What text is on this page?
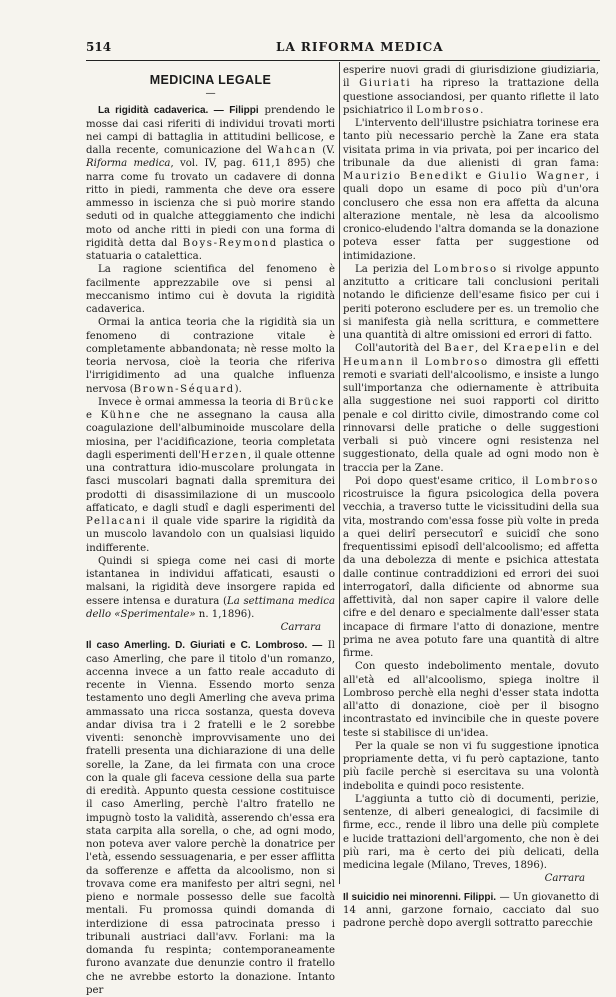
514	LA RIFORMA MEDICA
MEDICINA LEGALE
—

La rigidità cadaverica. — Filippi prendendo le mosse dai casi riferiti di individui trovati morti nei campi di battaglia in attitudini bellicose, e dalla recente, comunicazione del Wahcan (V. Riforma medica, vol. IV, pag. 611,1 895) che narra come fu trovato un cadavere di donna ritto in piedi, rammenta che deve ora essere ammesso in iscienza che si può morire stando seduti od in qualche atteggiamento che indichi moto od anche ritti in piedi con una forma di rigidità detta dal Boys-Reymond plastica o statuaria o catalettica.

La ragione scientifica del fenomeno è facilmente apprezzabile ove si pensi al meccanismo intimo cui è dovuta la rigidità cadaverica.

Ormai la antica teoria che la rigidità sia un fenomeno di contrazione vitale è completamente abbandonata; nè resse molto la teoria nervosa, cioè la teoria che riferiva l'irrigidimento ad una qualche influenza nervosa (Brown-Séquard).

Invece è ormai ammessa la teoria di Brücke e Kühne che ne assegnano la causa alla coagulazione dell'albuminoide muscolare della miosina, per l'acidificazione, teoria completata dagli esperimenti dell'Herzen, il quale ottenne una contrattura idio-muscolare prolungata in fasci muscolari bagnati dalla spremitura dei prodotti di disassimilazione di un muscoolo affaticato, e dagli studî e dagli esperimenti del Pellacani il quale vide sparire la rigidità da un muscolo lavandolo con un qualsiasi liquido indifferente.

Quindi si spiega come nei casi di morte istantanea in individui affaticati, esausti o malsani, la rigidità deve insorgere rapida ed essere intensa e duratura (La settimana medica dello «Sperimentale» n. 1,1896).

Carrara

Il caso Amerling. D. Giuriati e C. Lombroso. — Il caso Amerling, che pare il titolo d'un romanzo, accenna invece a un fatto reale accaduto di recente in Vienna. Essendo morto senza testamento uno degli Amerling che aveva prima ammassato una ricca sostanza, questa doveva andar divisa tra i 2 fratelli e le 2 sorebbe viventi: senonchè improvvisamente uno dei fratelli presenta una dichiarazione di una delle sorelle, la Zane, da lei firmata con una croce con la quale gli faceva cessione della sua parte di eredità. Appunto questa cessione costituisce il caso Amerling, perchè l'altro fratello ne impugnò tosto la validità, asserendo ch'essa era stata carpita alla sorella, o che, ad ogni modo, non poteva aver valore perchè la donatrice per l'età, essendo sessuagenaria, e per esser afflitta da sofferenze e affetta da alcoolismo, non si trovava come era manifesto per altri segni, nel pieno e normale possesso delle sue facoltà mentali. Fu promossa quindi domanda di interdizione di essa patrocinata presso i tribunali austriaci dall'avv. Forlani: ma la domanda fu respinta; contemporaneamente furono avanzate due denunzie contro il fratello che ne avrebbe estorto la donazione. Intanto per

esperire nuovi gradi di giurisdizione giudiziaria, il Giuriati ha ripreso la trattazione della questione associandosi, per quanto riflette il lato psichiatrico il Lombroso.

L'intervento dell'illustre psichiatra torinese era tanto più necessario perchè la Zane era stata visitata prima in via privata, poi per incarico del tribunale da due alienisti di gran fama: Maurizio Benedikt e Giulio Wagner, i quali dopo un esame di poco più d'un'ora conclusero che essa non era affetta da alcuna alterazione mentale, nè lesa da alcoolismo cronico-eludendo l'altra domanda se la donazione poteva esser fatta per suggestione od intimidazione.

La perizia del Lombroso si rivolge appunto anzitutto a criticare tali conclusioni peritali notando le dificienze dell'esame fisico per cui i periti poterono escludere per es. un tremolio che si manifesta già nella scrittura, e commettere una quantità di altre omissioni ed errori di fatto.

Coll'autorità del Baer, del Kraepelin e del Heumann il Lombroso dimostra gli effetti remoti e svariati dell'alcoolismo, e insiste a lungo sull'importanza che odiernamente è attribuita alla suggestione nei suoi rapporti col diritto penale e col diritto civile, dimostrando come col rinnovarsi delle pratiche o delle suggestioni verbali si può vincere ogni resistenza nel suggestionato, della quale ad ogni modo non è traccia per la Zane.

Poi dopo quest'esame critico, il Lombroso ricostruisce la figura psicologica della povera vecchia, a traverso tutte le vicissitudini della sua vita, mostrando com'essa fosse più volte in preda a quei delirî persecutorî e suicidî che sono frequentissimi episodî dell'alcoolismo; ed affetta da una debolezza di mente e psichica attestata dalle continue contraddizioni ed errori dei suoi interrogatorî, dalla dificiente od abnorme sua affettività, dal non saper capire il valore delle cifre e del denaro e specialmente dall'esser stata incapace di firmare l'atto di donazione, mentre prima ne avea potuto fare una quantità di altre firme.

Con questo indebolimento mentale, dovuto all'età ed all'alcoolismo, spiega inoltre il Lombroso perchè ella neghi d'esser stata indotta all'atto di donazione, cioè per il bisogno incontrastato ed invincibile che in queste povere teste si stabilisce di un'idea.

Per la quale se non vi fu suggestione ipnotica propriamente detta, vi fu però captazione, tanto più facile perchè si esercitava su una volontà indebolita e quindi poco resistente.

L'aggiunta a tutto ciò di documenti, perizie, sentenze, di alberi genealogici, di facsimile di firme, ecc., rende il libro una delle più complete e lucide trattazioni dell'argomento, che non è dei più rari, ma è certo dei più delicati, della medicina legale (Milano, Treves, 1896).

Carrara

Il suicidio nei minorenni. Filippi. — Un giovanetto di 14 anni, garzone fornaio, cacciato dal suo padrone perchè dopo avergli sottratto parecchie
